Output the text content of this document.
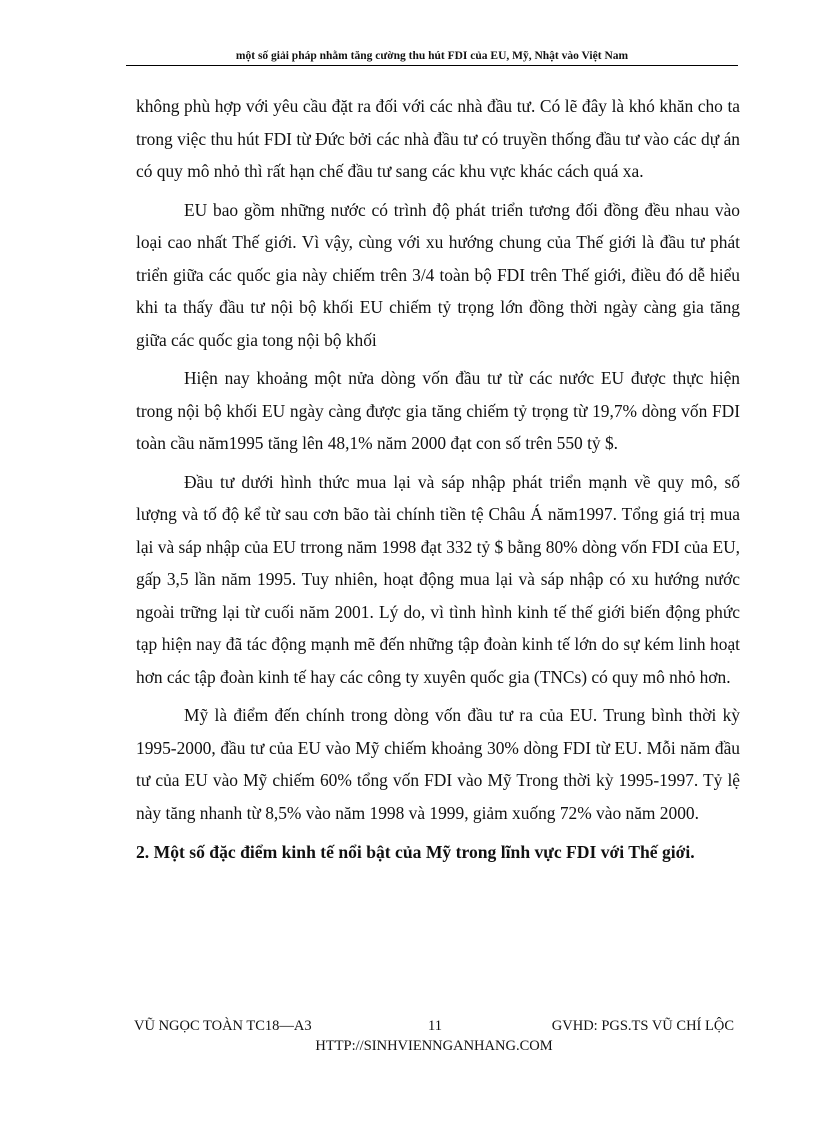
một số giải pháp nhằm tăng cường thu hút FDI của EU, Mỹ, Nhật vào Việt Nam

không phù hợp với yêu cầu đặt ra đối với các nhà đầu tư. Có lẽ đây là khó khăn cho ta trong việc thu hút FDI từ Đức bởi các nhà đầu tư có truyền thống đầu tư vào các dự án có quy mô nhỏ thì rất hạn chế đầu tư sang các khu vực khác cách quá xa.

EU bao gồm những nước có trình độ phát triển tương đối đồng đều nhau vào loại cao nhất Thế giới. Vì vậy, cùng với xu hướng chung của Thế giới là đầu tư phát triển giữa các quốc gia này chiếm trên 3/4 toàn bộ FDI trên Thế giới, điều đó dễ hiểu khi ta thấy đầu tư nội bộ khối EU chiếm tỷ trọng lớn đồng thời ngày càng gia tăng giữa các quốc gia tong nội bộ khối

Hiện nay khoảng một nửa dòng vốn đầu tư từ các nước EU được thực hiện trong nội bộ khối EU ngày càng được gia tăng chiếm tỷ trọng từ 19,7% dòng vốn FDI toàn cầu năm1995 tăng lên 48,1% năm 2000 đạt con số trên 550 tỷ $.

Đầu tư dưới hình thức mua lại và sáp nhập phát triển mạnh về quy mô, số lượng và tố độ kể từ sau cơn bão tài chính tiền tệ Châu Á năm1997. Tổng giá trị mua lại và sáp nhập của EU trrong năm 1998 đạt 332 tỷ $ bằng 80% dòng vốn FDI của EU, gấp 3,5 lần năm 1995. Tuy nhiên, hoạt động mua lại và sáp nhập có xu hướng nước ngoài trững lại từ cuối năm 2001. Lý do, vì tình hình kinh tế thế giới biến động phức tạp hiện nay đã tác động mạnh mẽ đến những tập đoàn kinh tế lớn do sự kém linh hoạt hơn các tập đoàn kinh tế hay các công ty xuyên quốc gia (TNCs) có quy mô nhỏ hơn.

Mỹ là điểm đến chính trong dòng vốn đầu tư ra của EU. Trung bình thời kỳ 1995-2000, đầu tư của EU vào Mỹ chiếm khoảng 30% dòng FDI từ EU. Mỗi năm đầu tư của EU vào Mỹ chiếm 60% tổng vốn FDI vào Mỹ Trong thời kỳ 1995-1997. Tỷ lệ này tăng nhanh từ 8,5% vào năm 1998 và 1999, giảm xuống 72% vào năm 2000.

2. Một số đặc điểm kinh tế nổi bật của Mỹ trong lĩnh vực FDI với Thế giới.

VŨ NGỌC TOÀN TC18—A3	11	GVHD: PGS.TS VŨ CHÍ LỘC
HTTP://SINHVIENNGANHANG.COM
